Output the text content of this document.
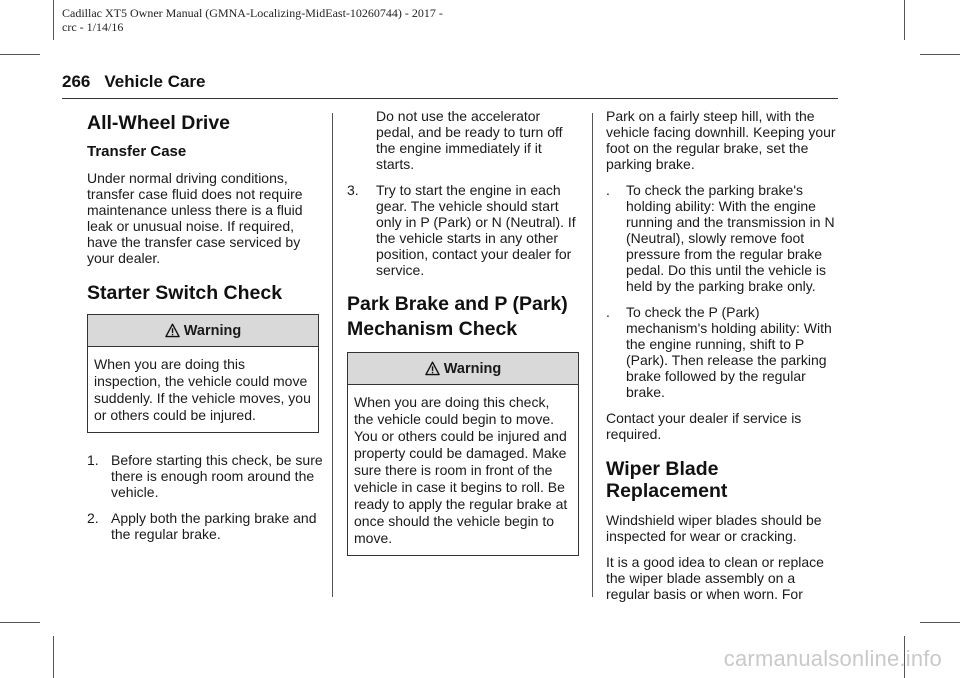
Cadillac XT5 Owner Manual (GMNA-Localizing-MidEast-10260744) - 2017 -
crc - 1/14/16
266 Vehicle Care
All-Wheel Drive
Transfer Case

Under normal driving conditions, transfer case fluid does not require maintenance unless there is a fluid leak or unusual noise. If required, have the transfer case serviced by your dealer.

Starter Switch Check
Warning
When you are doing this inspection, the vehicle could move suddenly. If the vehicle moves, you or others could be injured.
1. Before starting this check, be sure there is enough room around the vehicle.
2. Apply both the parking brake and the regular brake.

Do not use the accelerator pedal, and be ready to turn off the engine immediately if it starts.

3.	Try to start the engine in each gear. The vehicle should start only in P (Park) or N (Neutral). If the vehicle starts in any other position, contact your dealer for service.
Park Brake and P (Park)
Mechanism Check
Warning
When you are doing this check, the vehicle could begin to move. You or others could be injured and property could be damaged. Make sure there is room in front of the vehicle in case it begins to roll. Be ready to apply the regular brake at once should the vehicle begin to move.

Park on a fairly steep hill, with the vehicle facing downhill. Keeping your foot on the regular brake, set the parking brake.

.	To check the parking brake's holding ability: With the engine running and the transmission in N (Neutral), slowly remove foot pressure from the regular brake pedal. Do this until the vehicle is held by the parking brake only.
.	To check the P (Park) mechanism's holding ability: With the engine running, shift to P (Park). Then release the parking brake followed by the regular brake.

Contact your dealer if service is required.

Wiper Blade Replacement

Windshield wiper blades should be inspected for wear or cracking.

It is a good idea to clean or replace the wiper blade assembly on a regular basis or when worn. For

carmanualsonline.info
